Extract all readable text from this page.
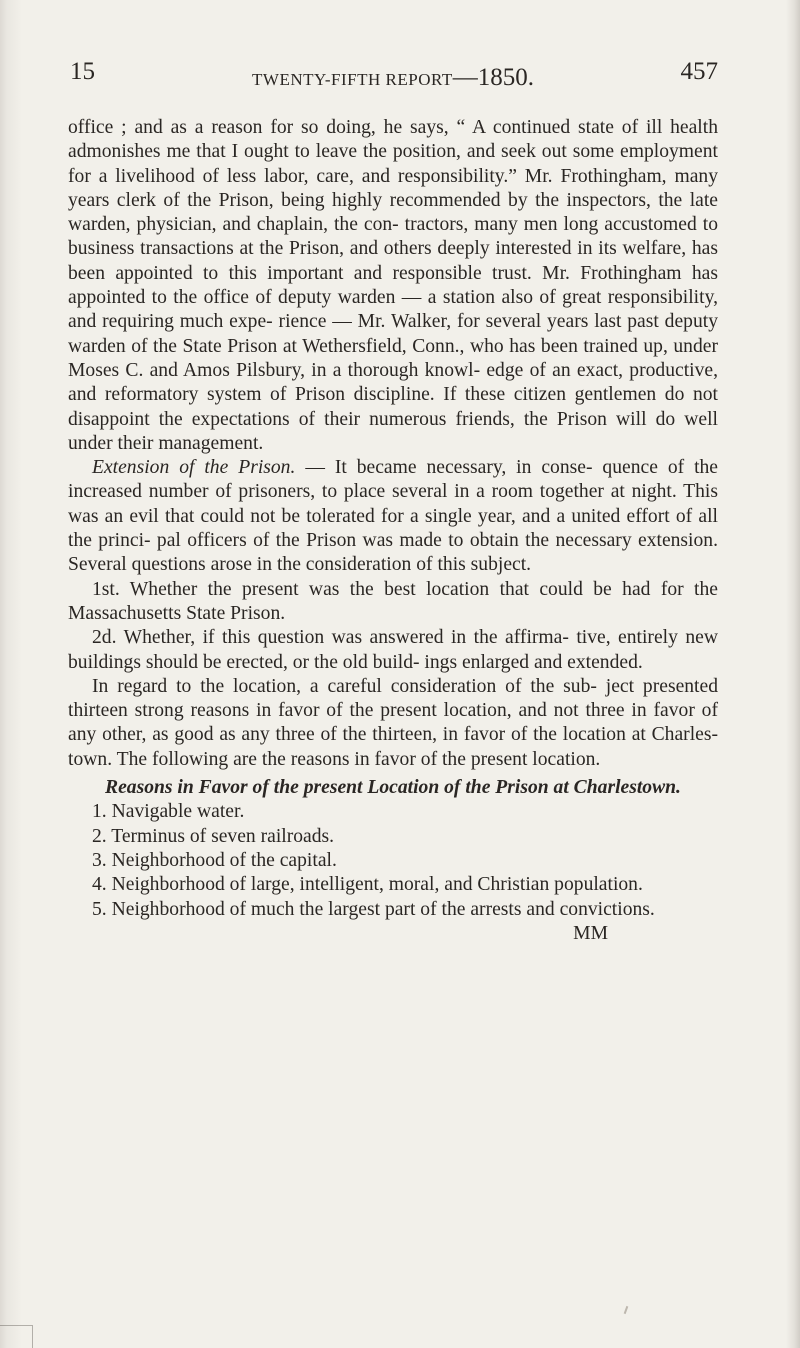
15	TWENTY-FIFTH REPORT—1850.	457

office ; and as a reason for so doing, he says, “ A continued state of ill health admonishes me that I ought to leave the position, and seek out some employment for a livelihood of less labor, care, and responsibility.” Mr. Frothingham, many years clerk of the Prison, being highly recommended by the inspectors, the late warden, physician, and chaplain, the con- tractors, many men long accustomed to business transactions at the Prison, and others deeply interested in its welfare, has been appointed to this important and responsible trust. Mr. Frothingham has appointed to the office of deputy warden — a station also of great responsibility, and requiring much expe- rience — Mr. Walker, for several years last past deputy warden of the State Prison at Wethersfield, Conn., who has been trained up, under Moses C. and Amos Pilsbury, in a thorough knowl- edge of an exact, productive, and reformatory system of Prison discipline. If these citizen gentlemen do not disappoint the expectations of their numerous friends, the Prison will do well under their management.

Extension of the Prison. — It became necessary, in conse- quence of the increased number of prisoners, to place several in a room together at night. This was an evil that could not be tolerated for a single year, and a united effort of all the princi- pal officers of the Prison was made to obtain the necessary extension. Several questions arose in the consideration of this subject.

1st. Whether the present was the best location that could be had for the Massachusetts State Prison.

2d. Whether, if this question was answered in the affirma- tive, entirely new buildings should be erected, or the old build- ings enlarged and extended.

In regard to the location, a careful consideration of the sub- ject presented thirteen strong reasons in favor of the present location, and not three in favor of any other, as good as any three of the thirteen, in favor of the location at Charles- town. The following are the reasons in favor of the present location.

Reasons in Favor of the present Location of the Prison at Charlestown.
1. Navigable water.
2. Terminus of seven railroads.
3. Neighborhood of the capital.
4. Neighborhood of large, intelligent, moral, and Christian population.
5. Neighborhood of much the largest part of the arrests and convictions.
MM
